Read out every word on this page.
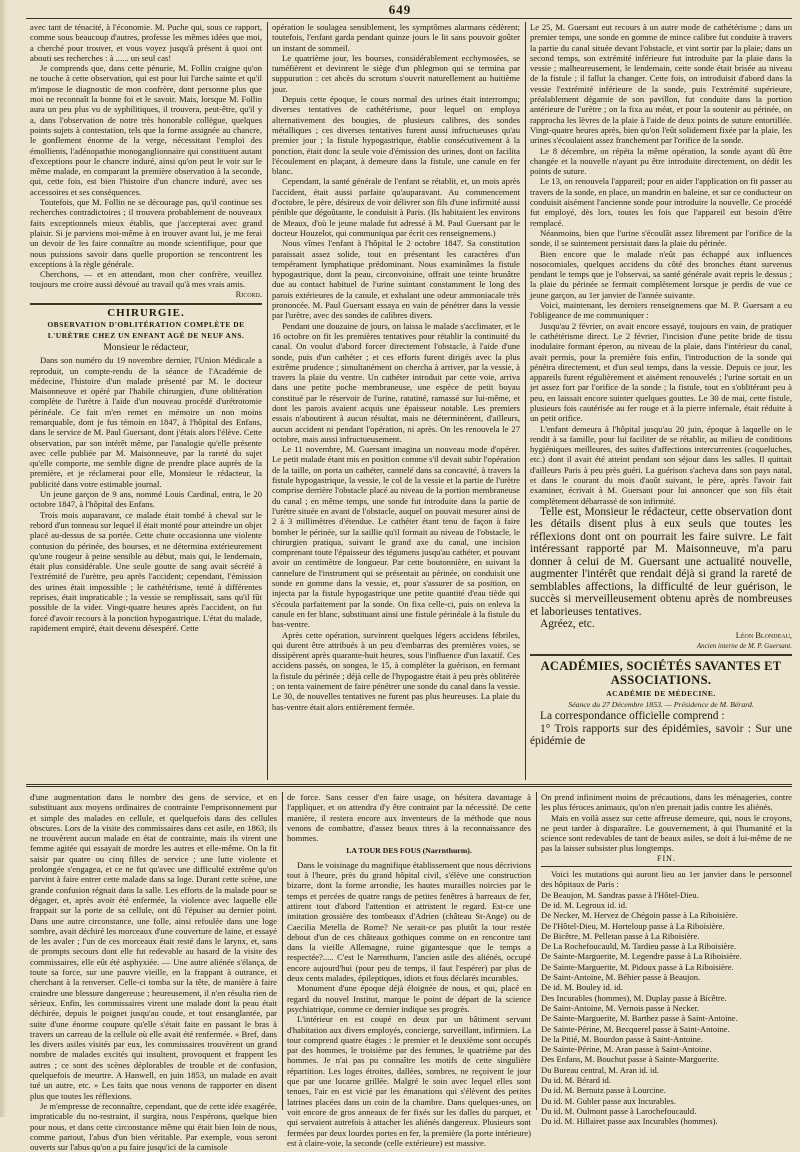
649

avec tant de ténacité, à l'économie. M. Puche qui, sous ce rapport, comme sous beaucoup d'autres, professe les mêmes idées que moi, a cherché pour trouver, et vous voyez jusqu'à présent à quoi ont abouti ses recherches : à ...... un seul cas!

Je comprends que, dans cette pénurie, M. Follin craigne qu'on ne touche à cette observation, qui est pour lui l'arche sainte et qu'il m'impose le diagnostic de mon confrère, dont personne plus que moi ne reconnaît la bonne foi et le savoir. Mais, lorsque M. Follin aura un peu plus vu de syphilitiques, il trouvera, peut-être, qu'il y a, dans l'observation de notre très honorable collègue, quelques points sujets à contestation, tels que la forme assignée au chancre, le gonflement énorme de la verge, nécessitant l'emploi des émollients, l'adénopathie monoganglionnaire qui constituent autant d'exceptions pour le chancre induré, ainsi qu'on peut le voir sur le même malade, en comparant la première observation à la seconde, qui, cette fois, est bien l'histoire d'un chancre induré, avec ses accessoires et ses conséquences.

Toutefois, que M. Follin ne se décourage pas, qu'il continue ses recherches contradictoires ; il trouvera probablement de nouveaux faits exceptionnels mieux établis, que j'accepterai avec grand plaisir. Si je parviens moi-même à en trouver avant lui, je me ferai un devoir de les faire connaître au monde scientifique, pour que nous puissions savoir dans quelle proportion se rencontrent les exceptions à la règle générale.

Cherchons, — et en attendant, mon cher confrère, veuillez toujours me croire aussi dévoué au travail qu'à mes vrais amis.

Ricord.

CHIRURGIE.
OBSERVATION D'OBLITÉRATION COMPLÈTE DE L'URÈTRE CHEZ UN ENFANT AGÉ DE NEUF ANS.

Monsieur le rédacteur,

Dans son numéro du 19 novembre dernier, l'Union Médicale a reproduit, un compte-rendu de la séance de l'Académie de médecine, l'histoire d'un malade présenté par M. le docteur Maisonneuve et opéré par l'habile chirurgien, d'une oblitération complète de l'urètre à l'aide d'un nouveau procédé d'urétrotomie périnéale. Ce fait m'en remet en mémoire un non moins remarquable, dont je fus témoin en 1847, à l'hôpital des Enfans, dans le service de M. Paul Guersant, dont j'étais alors l'élève. Cette observation, par son intérêt même, par l'analogie qu'elle présente avec celle publiée par M. Maisonneuve, par la rareté du sujet qu'elle comporte, me semble digne de prendre place auprès de la première, et je réclamerai pour elle, Monsieur le rédacteur, la publicité dans votre estimable journal.

Un jeune garçon de 9 ans, nommé Louis Cardinal, entra, le 20 octobre 1847, à l'hôpital des Enfans.

Trois mois auparavant, ce malade était tombé à cheval sur le rebord d'un tonneau sur lequel il était monté pour atteindre un objet placé au-dessus de sa portée. Cette chute occasionna une violente contusion du périnée, des bourses, et ne détermina extérieurement qu'une rougeur à peine sensible au début, mais qui, le lendemain, était plus considérable. Une seule goutte de sang avait sécrété à l'extrémité de l'urètre, peu après l'accident; cependant, l'émission des urines était impossible ; le cathétérisme, tenté à différentes reprises, était impraticable ; la vessie se remplissait, sans qu'il fût possible de la vider. Vingt-quatre heures après l'accident, on fut forcé d'avoir recours à la ponction hypogastrique. L'état du malade, rapidement empiré, était devenu désespéré. Cette

opération le soulagea sensiblement, les symptômes alarmans cédèrent; toutefois, l'enfant garda pendant quinze jours le lit sans pouvoir goûter un instant de sommeil.

Le quatrième jour, les bourses, considérablement ecchymosées, se tuméfièrent et devinrent le siège d'un phlegmon qui se termina par suppuration : cet abcès du scrotum s'ouvrit naturellement au huitième jour.

Depuis cette époque, le cours normal des urines était interrompu; diverses tentatives de cathétérisme, pour lequel on employa alternativement des bougies, de plusieurs calibres, des sondes métalliques ; ces diverses tentatives furent aussi infructueuses qu'au premier jour ; la fistule hypogastrique, établie consécutivement à la ponction, était donc la seule voie d'émission des urines, dont on facilita l'écoulement en plaçant, à demeure dans la fistule, une canule en fer blanc.

Cependant, la santé générale de l'enfant se rétablit, et, un mois après l'accident, était aussi parfaite qu'auparavant. Au commencement d'octobre, le père, désireux de voir délivrer son fils d'une infirmité aussi pénible que dégoûtante, le conduisit à Paris. (Ils habitaient les environs de Meaux, d'où le jeune malade fut adressé à M. Paul Guersant par le docteur Houzelot, qui communiqua par écrit ces renseignemens.)

Nous vîmes l'enfant à l'hôpital le 2 octobre 1847. Sa constitution paraissait assez solide, tout en présentant les caractères d'un tempérament lymphatique prédominant. Nous examinâmes la fistule hypogastrique, dont la peau, circonvoisine, offrait une teinte brunâtre due au contact habituel de l'urine suintant constamment le long des parois extérieures de la canule, et exhalant une odeur ammoniacale très prononcée. M. Paul Guersant essaya en vain de pénétrer dans la vessie par l'urètre, avec des sondes de calibres divers.

Pendant une douzaine de jours, on laissa le malade s'acclimater, et le 16 octobre on fit les premières tentatives pour rétablir la continuité du canal. On voulut d'abord forcer directement l'obstacle, à l'aide d'une sonde, puis d'un cathéter ; et ces efforts furent dirigés avec la plus extrême prudence ; simultanément on chercha à arriver, par la vessie, à travers la plaie du ventre. Un cathéter introduit par cette voie, arriva dans une petite poche membraneuse, une espèce de petit boyau constitué par le réservoir de l'urine, ratatiné, ramassé sur lui-même, et dont les parois avaient acquis une épaisseur notable. Les premiers essais n'aboutirent à aucun résultat, mais ne déterminèrent, d'ailleurs, aucun accident ni pendant l'opération, ni après. On les renouvela le 27 octobre, mais aussi infructueusement.

Le 11 novembre, M. Guersant imagina un nouveau mode d'opérer. Le petit malade étant mis en position comme s'il devait subir l'opération de la taille, on porta un cathéter, cannelé dans sa concavité, à travers la fistule hypogastrique, la vessie, le col de la vessie et la partie de l'urètre comprise derrière l'obstacle placé au niveau de la portion membraneuse du canal ; en même temps, une sonde fut introduite dans la partie de l'urètre située en avant de l'obstacle, auquel on pouvait mesurer ainsi de 2 à 3 millimètres d'étendue. Le cathéter étant tenu de façon à faire bomber le périnée, sur la saillie qu'il formait au niveau de l'obstacle, le chirurgien pratiqua, suivant le grand axe du canal, une incision comprenant toute l'épaisseur des tégumens jusqu'au cathéter, et pouvant avoir un centimètre de longueur. Par cette boutonnière, en suivant la cannelure de l'instrument qui se présentait au périnée, on conduisit une sonde en gomme dans la vessie, et, pour s'assurer de sa position, on injecta par la fistule hypogastrique une petite quantité d'eau tiède qui s'écoula parfaitement par la sonde. On fixa celle-ci, puis on enleva la canule en fer blanc, substituant ainsi une fistule périnéale à la fistule du bas-ventre.

Après cette opération, survinrent quelques légers accidens fébriles, qui durent être attribués à un peu d'embarras des premières voies, se dissipèrent après quarante-huit heures, sous l'influence d'un laxatif. Ces accidens passés, on songea, le 15, à compléter la guérison, en fermant la fistule du périnée ; déjà celle de l'hypogastre était à peu près oblitérée ; on tenta vainement de faire pénétrer une sonde du canal dans la vessie. Le 30, de nouvelles tentatives ne furent pas plus heureuses. La plaie du bas-ventre était alors entièrement fermée.

Le 25, M. Guersant eut recours à un autre mode de cathétérisme ; dans un premier temps, une sonde en gomme de mince calibre fut conduite à travers la partie du canal située devant l'obstacle, et vint sortir par la plaie; dans un second temps, son extrémité inférieure fut introduite par la plaie dans la vessie ; malheureusement, le lendemain, cette sonde était brisée au niveau de la fistule ; il fallut la changer. Cette fois, on introduisit d'abord dans la vessie l'extrémité inférieure de la sonde, puis l'extrémité supérieure, préalablement dégarnie de son pavillon, fut conduite dans la portion antérieure de l'urètre ; on la fixa au méat, et pour la soutenir au périnée, on rapprocha les lèvres de la plaie à l'aide de deux points de suture entortillée. Vingt-quatre heures après, bien qu'on l'eût solidement fixée par la plaie, les urines s'écoulaient assez franchement par l'orifice de la sonde.

Le 8 décembre, on répéta la même opération, la sonde ayant dû être changée et la nouvelle n'ayant pu être introduite directement, on dédit les points de suture.

Le 13, on renouvela l'appareil; pour en aider l'application on fit passer au travers de la sonde, en place, un mandrin en baleine, et sur ce conducteur on conduisit aisément l'ancienne sonde pour introduire la nouvelle. Ce procédé fut employé, dès lors, toutes les fois que l'appareil eut besoin d'être remplacé.

Néanmoins, bien que l'urine s'écoulât assez librement par l'orifice de la sonde, il se suintement persistait dans la plaie du périnée.

Bien encore que le malade n'eût pas échappé aux influences nosocomiales, quelques accidens du côté des bronches étant survenus pendant le temps que je l'observai, sa santé générale avait repris le dessus ; la plaie du périnée se fermait complètement lorsque je perdis de vue ce jeune garçon, au 1er janvier de l'année suivante.

Voici, maintenant, les derniers renseignemens que M. P. Guersant a eu l'obligeance de me communiquer :

Jusqu'au 2 février, on avait encore essayé, toujours en vain, de pratiquer le cathétérisme direct. Le 2 février, l'incision d'une petite bride de tissu inodulaire formant éperon, au niveau de la plaie, dans l'intérieur du canal, avait permis, pour la première fois enfin, l'introduction de la sonde qui pénétra directement, et d'un seul temps, dans la vessie. Depuis ce jour, les appareils furent régulièrement et aisément renouvelés ; l'urine sortait en un jet assez fort par l'orifice de la sonde ; la fistule, tout en s'oblitérant peu à peu, en laissait encore suinter quelques gouttes. Le 30 de mai, cette fistule, plusieurs fois cautérisée au fer rouge et à la pierre infernale, était réduite à un petit orifice.

L'enfant demeura à l'hôpital jusqu'au 20 juin, époque à laquelle on le rendit à sa famille, pour lui faciliter de se rétablir, au milieu de conditions hygiéniques meilleures, des suites d'affections intercurrentes (coqueluches, etc.) dont il avait été atteint pendant son séjour dans les salles. Il quittait d'ailleurs Paris à peu près guéri. La guérison s'acheva dans son pays natal, et dans le courant du mois d'août suivant, le père, après l'avoir fait examiner, écrivait à M. Guersant pour lui annoncer que son fils était complètement débarrassé de son infirmité.

Telle est, Monsieur le rédacteur, cette observation dont les détails disent plus à eux seuls que toutes les réflexions dont ont on pourrait les faire suivre. Le fait intéressant rapporté par M. Maisonneuve, m'a paru donner à celui de M. Guersant une actualité nouvelle, augmenter l'intérêt que rendait déjà si grand la rareté de semblables affections, la difficulté de leur guérison, le succès si merveilleusement obtenu après de nombreuses et laborieuses tentatives.

Agréez, etc.

Léon Blondeau,

Ancien interne de M. P. Guersant.

ACADÉMIES, SOCIÉTÉS SAVANTES ET ASSOCIATIONS.
ACADÉMIE DE MÉDECINE.

Séance du 27 Décembre 1853. — Présidence de M. Bérard.

La correspondance officielle comprend :

1° Trois rapports sur des épidémies, savoir : Sur une épidémie de

d'une augmentation dans le nombre des gens de service, et en substituant aux moyens ordinaires de contrainte l'emprisonnement pur et simple des malades en cellule, et quelquefois dans des cellules obscures. Lors de la visite des commissaires dans cet asile, en 1863, ils ne trouvèrent aucun malade en état de contrainte, mais ils virent une femme agitée qui essayait de mordre les autres et elle-même. On la fit saisir par quatre ou cinq filles de service ; une lutte violente et prolongée s'engagea, et ce ne fut qu'avec une difficulté extrême qu'on parvint à faire entrer cette malade dans sa loge. Durant cette scène, une grande confusion régnait dans la salle. Les efforts de la malade pour se dégager, et, après avoir été enfermée, la violence avec laquelle elle frappait sur la porte de sa cellule, ont dû l'épuiser au dernier point. Dans une autre circonstance, une folle, ainsi refoulée dans une loge sombre, avait déchiré les morceaux d'une couverture de laine, et essayé de les avaler ; l'un de ces morceaux était resté dans le larynx, et, sans de prompts secours dont elle fut redevable au hasard de la visite des commissaires, elle eût été asphyxiée. — Une autre aliénée s'élança, de toute sa force, sur une pauvre vieille, en la frappant à outrance, et cherchant à la renverser. Celle-ci tomba sur la tête, de manière à faire craindre une blessure dangereuse ; heureusement, il n'en résulta rien de sérieux. Enfin, les commissaires virent une malade dont la peau était déchirée, depuis le poignet jusqu'au coude, et tout ensanglantée, par suite d'une énorme coupure qu'elle s'était faite en passant le bras à travers un carreau de la cellule où elle avait été renfermée. « Bref, dans les divers asiles visités par eux, les commissaires trouvèrent un grand nombre de malades excités qui insultent, provoquent et frappent les autres ; ce sont des scènes déplorables de trouble et de confusion, quelquefois de meurtre. A Hanwell, en juin 1853, un malade en avait tué un autre, etc. » Les faits que nous venons de rapporter en disent plus que toutes les réflexions.

Je m'empresse de reconnaître, cependant, que de cette idée exagérée, impraticable du no-restraint, il surgira, nous l'espérons, quelque bien pour nous, et dans cette circonstance même qui était bien loin de nous, comme partout, l'abus d'un bien véritable. Par exemple, vous seront ouverts sur l'abus qu'on a pu faire jusqu'ici de la camisole

de force. Sans cesser d'en faire usage, on hésitera davantage à l'appliquer, et on attendra d'y être contraint par la nécessité. De cette manière, il restera encore aux inventeurs de la méthode que nous venons de combattre, d'assez beaux titres à la reconnaissance des hommes.

LA TOUR DES FOUS (Narrnthurm).

Dans le voisinage du magnifique établissement que nous décrivions tout à l'heure, près du grand hôpital civil, s'élève une construction bizarre, dont la forme arrondie, les hautes murailles noircies par le temps et percées de quatre rangs de petites fenêtres à barreaux de fer, attirent tout d'abord l'attention et attristent le regard. Est-ce une imitation grossière des tombeaux d'Adrien (château St-Ange) ou de Caecilia Metella de Rome? Ne serait-ce pas plutôt la tour restée debout d'un de ces châteaux gothiques comme on en rencontre tant dans la vieille Allemagne, ruine gigantesque que le temps a respectée?..... C'est le Narrnthurm, l'ancien asile des aliénés, occupé encore aujourd'hui (pour peu de temps, il faut l'espérer) par plus de deux cents malades, épileptiques, idiots et fous déclarés incurables.

Monument d'une époque déjà éloignée de nous, et qui, placé en regard du nouvel Institut, marque le point de départ de la science psychiatrique, comme ce dernier indique ses progrès.

L'intérieur en est coupé en deux par un bâtiment servant d'habitation aux divers employés, concierge, surveillant, infirmiers. La tour comprend quatre étages : le premier et le deuxième sont occupés par des hommes, le troisième par des femmes, le quatrième par des hommes. Je n'ai pas pu connaître les motifs de cette singulière répartition. Les loges étroites, dallées, sombres, ne reçoivent le jour que par une lucarne grillée. Malgré le soin avec lequel elles sont tenues, l'air en est vicié par les émanations qui s'élèvent des petites latrines placées dans un coin de la chambre. Dans quelques-unes, on voit encore de gros anneaux de fer fixés sur les dalles du parquet, et qui servaient autrefois à attacher les aliénés dangereux. Plusieurs sont fermées par deux lourdes portes en fer, la première (la porte intérieure) est à claire-voie, la seconde (celle extérieure) est massive.

On prend infiniment moins de précautions, dans les ménageries, contre les plus féroces animaux, qu'on n'en prenait jadis contre les aliénés.

Mais en voilà assez sur cette affreuse demeure, qui, nous le croyons, ne peut tarder à disparaître. Le gouvernement, à qui l'humanité et la science sont redevables de tant de beaux asiles, se doit à lui-même de ne pas la laisser subsister plus longtemps.

FIN.

Voici les mutations qui auront lieu au 1er janvier dans le personnel des hôpitaux de Paris :

De Beaujon, M. Sandras passe à l'Hôtel-Dieu.
De id. M. Legroux id. id.
De Necker, M. Hervez de Chégoin passe à La Riboisière.
De l'Hôtel-Dieu, M. Horteloup passe à La Riboisière.
De Bicêtre, M. Pelletan passe à La Riboisière.
De La Rochefoucauld, M. Tardieu passe à La Riboisière.
De Sainte-Marguerite, M. Legendre passe à La Riboisière.
De Sainte-Marguerite, M. Pidoux passe à La Riboisière.
De Saint-Antoine, M. Béhier passe à Beaujon.
De id. M. Bouley id. id.
Des Incurables (hommes), M. Duplay passe à Bicêtre.
De Saint-Antoine, M. Vernois passe à Necker.
De Sainte-Marguerite, M. Barthez passe à Saint-Antoine.
De Sainte-Périne, M. Becquerel passe à Saint-Antoine.
De la Pitié, M. Bourdon passe à Saint-Antoine.
De Sainte-Périne, M. Aran passe à Saint-Antoine.
Des Enfans, M. Bouchut passe à Sainte-Marguerite.
Du Bureau central, M. Aran id. id.
Du id. M. Bérard id.
Du id. M. Bernutz passe à Lourcine.
Du id. M. Gubler passe aux Incurables.
Du id. M. Oulmont passe à Larochefoucauld.
Du id. M. Hillairet passe aux Incurables (hommes).
